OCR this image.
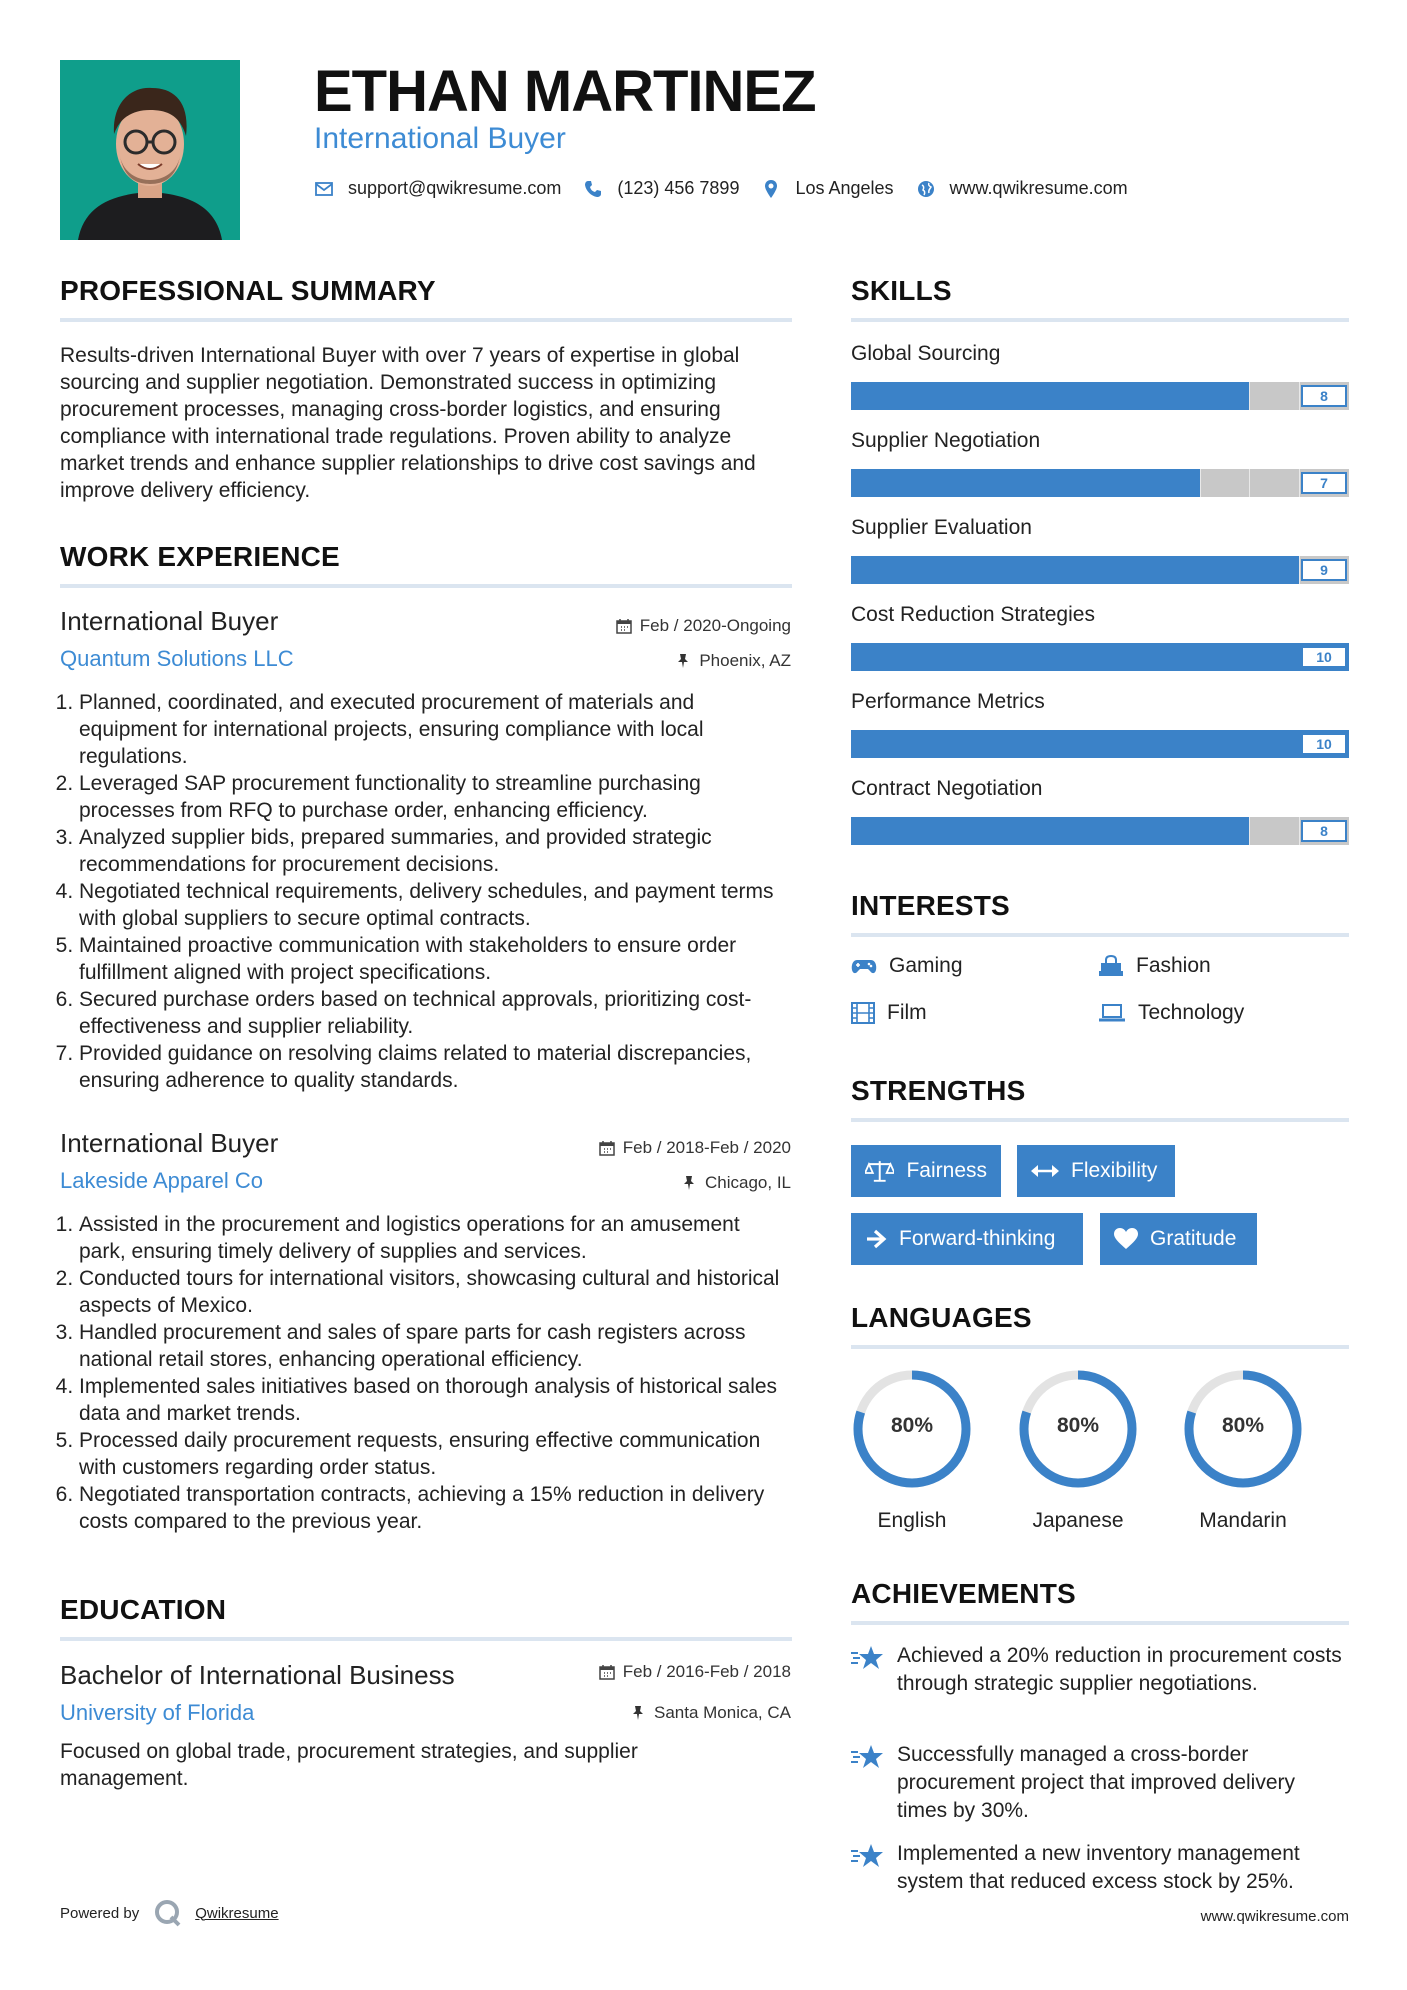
ETHAN MARTINEZ
International Buyer
support@qwikresume.com	(123) 456 7899	Los Angeles	www.qwikresume.com
PROFESSIONAL SUMMARY
Results-driven International Buyer with over 7 years of expertise in global sourcing and supplier negotiation. Demonstrated success in optimizing procurement processes, managing cross-border logistics, and ensuring compliance with international trade regulations. Proven ability to analyze market trends and enhance supplier relationships to drive cost savings and improve delivery efficiency.
WORK EXPERIENCE
International Buyer	Feb / 2020-Ongoing
Quantum Solutions LLC	Phoenix, AZ
1. Planned, coordinated, and executed procurement of materials and equipment for international projects, ensuring compliance with local regulations.
2. Leveraged SAP procurement functionality to streamline purchasing processes from RFQ to purchase order, enhancing efficiency.
3. Analyzed supplier bids, prepared summaries, and provided strategic recommendations for procurement decisions.
4. Negotiated technical requirements, delivery schedules, and payment terms with global suppliers to secure optimal contracts.
5. Maintained proactive communication with stakeholders to ensure order fulfillment aligned with project specifications.
6. Secured purchase orders based on technical approvals, prioritizing cost-effectiveness and supplier reliability.
7. Provided guidance on resolving claims related to material discrepancies, ensuring adherence to quality standards.
International Buyer	Feb / 2018-Feb / 2020
Lakeside Apparel Co	Chicago, IL
1. Assisted in the procurement and logistics operations for an amusement park, ensuring timely delivery of supplies and services.
2. Conducted tours for international visitors, showcasing cultural and historical aspects of Mexico.
3. Handled procurement and sales of spare parts for cash registers across national retail stores, enhancing operational efficiency.
4. Implemented sales initiatives based on thorough analysis of historical sales data and market trends.
5. Processed daily procurement requests, ensuring effective communication with customers regarding order status.
6. Negotiated transportation contracts, achieving a 15% reduction in delivery costs compared to the previous year.
EDUCATION
Bachelor of International Business	Feb / 2016-Feb / 2018
University of Florida	Santa Monica, CA
Focused on global trade, procurement strategies, and supplier management.
SKILLS
Global Sourcing
8
Supplier Negotiation
7
Supplier Evaluation
9
Cost Reduction Strategies
10
Performance Metrics
10
Contract Negotiation
8
INTERESTS
Gaming	Fashion
Film	Technology
STRENGTHS
Fairness	Flexibility
Forward-thinking	Gratitude
LANGUAGES
80%
English
80%
Japanese
80%
Mandarin
ACHIEVEMENTS
Achieved a 20% reduction in procurement costs through strategic supplier negotiations.
Successfully managed a cross-border procurement project that improved delivery times by 30%.
Implemented a new inventory management system that reduced excess stock by 25%.
Powered by	Qwikresume	www.qwikresume.com
